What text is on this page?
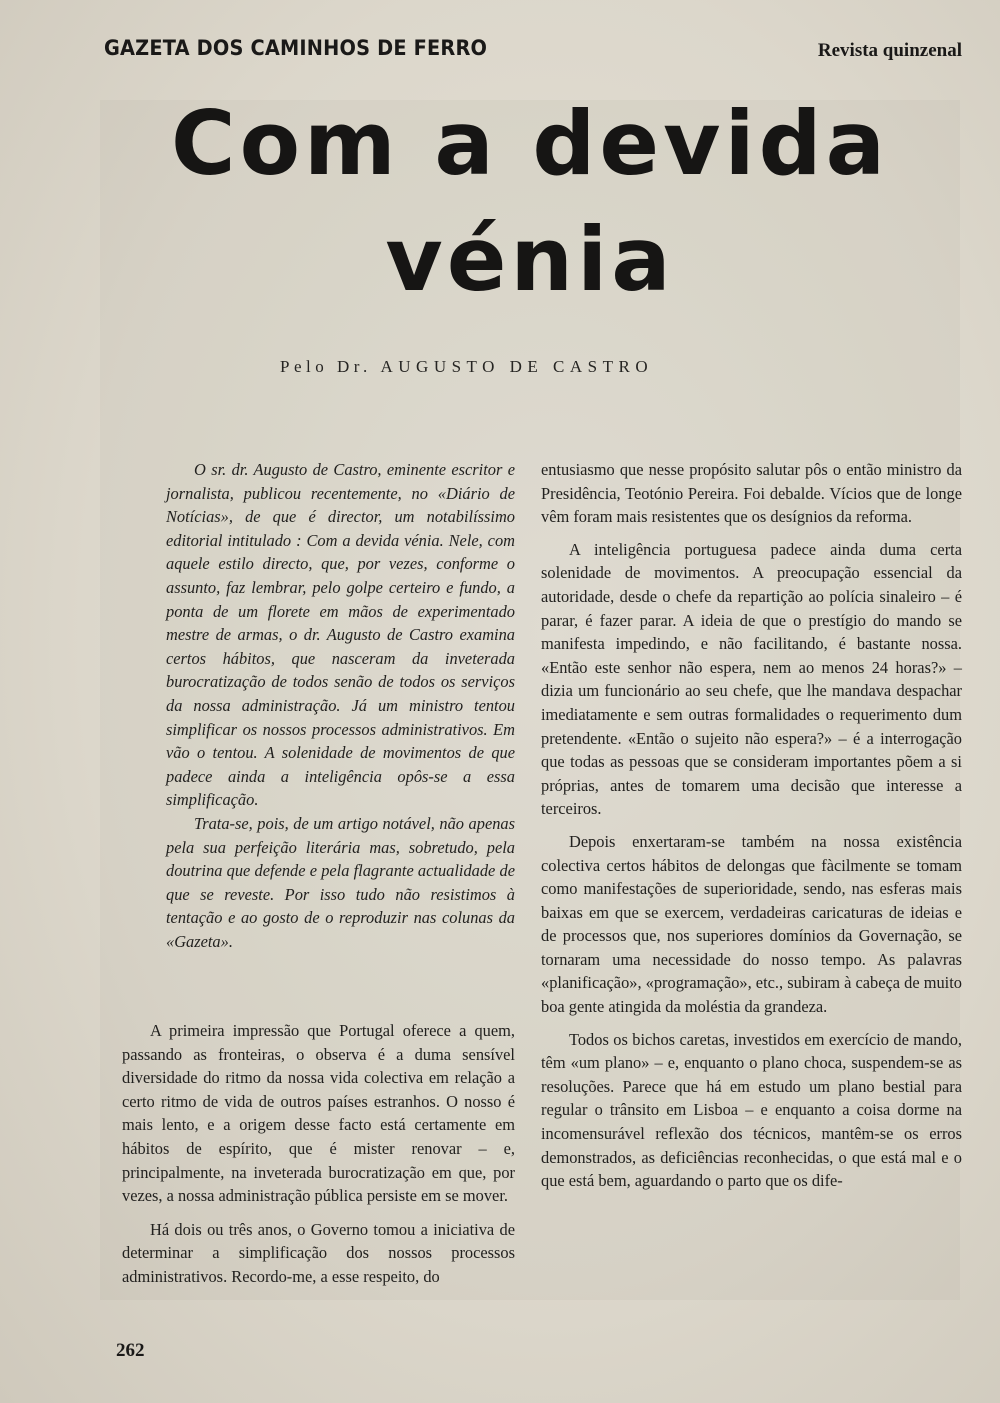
GAZETA DOS CAMINHOS DE FERRO	Revista quinzenal
Com a devida
vénia
Pelo Dr. AUGUSTO DE CASTRO

O sr. dr. Augusto de Castro, eminente escritor e jornalista, publicou recentemente, no «Diário de Notícias», de que é director, um notabilíssimo editorial intitulado : Com a devida vénia. Nele, com aquele estilo directo, que, por vezes, conforme o assunto, faz lembrar, pelo golpe certeiro e fundo, a ponta de um florete em mãos de experimentado mestre de armas, o dr. Augusto de Castro examina certos hábitos, que nasceram da inveterada burocratização de todos senão de todos os serviços da nossa administração. Já um ministro tentou simplificar os nossos processos administrativos. Em vão o tentou. A solenidade de movimentos de que padece ainda a inteligência opôs-se a essa simplificação.

Trata-se, pois, de um artigo notável, não apenas pela sua perfeição literária mas, sobretudo, pela doutrina que defende e pela flagrante actualidade de que se reveste. Por isso tudo não resistimos à tentação e ao gosto de o reproduzir nas colunas da «Gazeta».

A primeira impressão que Portugal oferece a quem, passando as fronteiras, o observa é a duma sensível diversidade do ritmo da nossa vida colectiva em relação a certo ritmo de vida de outros países estranhos. O nosso é mais lento, e a origem desse facto está certamente em hábitos de espírito, que é mister renovar – e, principalmente, na inveterada burocratização em que, por vezes, a nossa administração pública persiste em se mover.

Há dois ou três anos, o Governo tomou a iniciativa de determinar a simplificação dos nossos processos administrativos. Recordo-me, a esse respeito, do

entusiasmo que nesse propósito salutar pôs o então ministro da Presidência, Teotónio Pereira. Foi debalde. Vícios que de longe vêm foram mais resistentes que os desígnios da reforma.

A inteligência portuguesa padece ainda duma certa solenidade de movimentos. A preocupação essencial da autoridade, desde o chefe da repartição ao polícia sinaleiro – é parar, é fazer parar. A ideia de que o prestígio do mando se manifesta impedindo, e não facilitando, é bastante nossa. «Então este senhor não espera, nem ao menos 24 horas?» – dizia um funcionário ao seu chefe, que lhe mandava despachar imediatamente e sem outras formalidades o requerimento dum pretendente. «Então o sujeito não espera?» – é a interrogação que todas as pessoas que se consideram importantes põem a si próprias, antes de tomarem uma decisão que interesse a terceiros.

Depois enxertaram-se também na nossa existência colectiva certos hábitos de delongas que fàcilmente se tomam como manifestações de superioridade, sendo, nas esferas mais baixas em que se exercem, verdadeiras caricaturas de ideias e de processos que, nos superiores domínios da Governação, se tornaram uma necessidade do nosso tempo. As palavras «planificação», «programação», etc., subiram à cabeça de muito boa gente atingida da moléstia da grandeza.

Todos os bichos caretas, investidos em exercício de mando, têm «um plano» – e, enquanto o plano choca, suspendem-se as resoluções. Parece que há em estudo um plano bestial para regular o trânsito em Lisboa – e enquanto a coisa dorme na incomensurável reflexão dos técnicos, mantêm-se os erros demonstrados, as deficiências reconhecidas, o que está mal e o que está bem, aguardando o parto que os dife-

262
